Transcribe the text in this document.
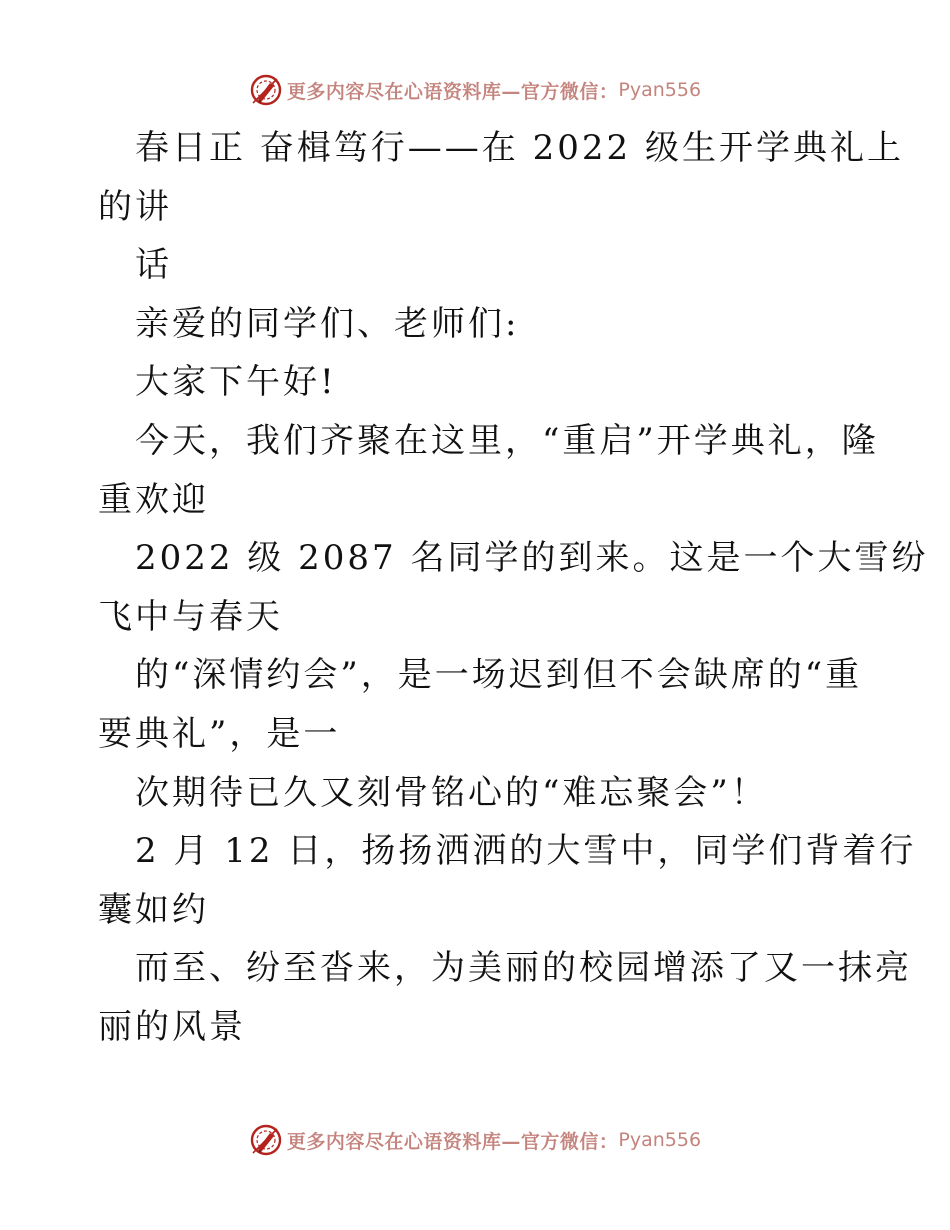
更多内容尽在心语资料库—官方微信： Pyan556
春日正 奋楫笃行——在 2022 级生开学典礼上
的讲
话
亲爱的同学们、老师们:
大家下午好!
今天，我们齐聚在这里，“重启”开学典礼，隆
重欢迎
2022 级 2087 名同学的到来。这是一个大雪纷
飞中与春天
的“深情约会”，是一场迟到但不会缺席的“重
要典礼”，是一
次期待已久又刻骨铭心的“难忘聚会”！
2 月 12 日，扬扬洒洒的大雪中，同学们背着行
囊如约
而至、纷至沓来，为美丽的校园增添了又一抹亮
丽的风景
更多内容尽在心语资料库—官方微信： Pyan556
